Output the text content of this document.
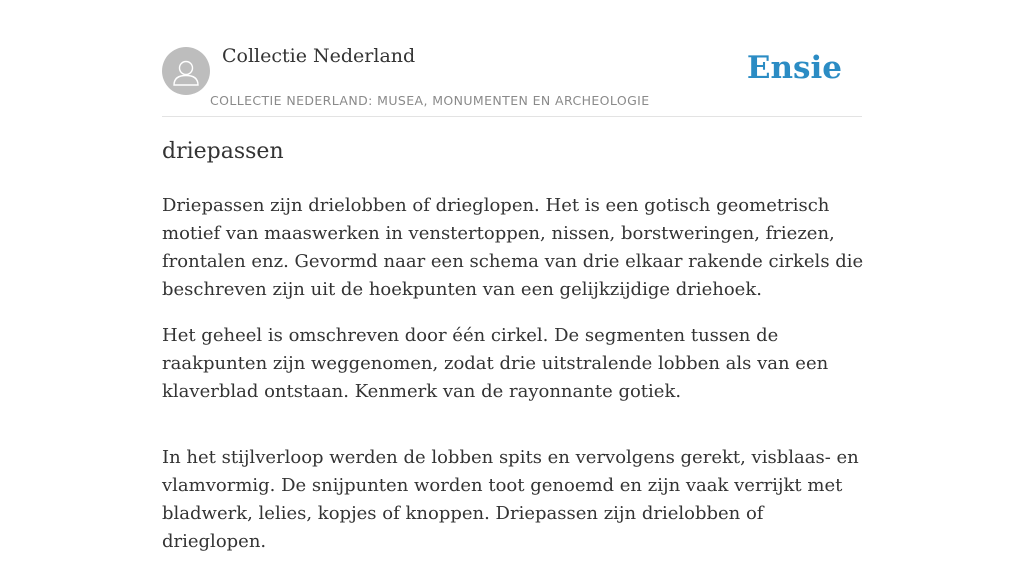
Collectie Nederland
COLLECTIE NEDERLAND: MUSEA, MONUMENTEN EN ARCHEOLOGIE
Ensie
driepassen

Driepassen zijn drielobben of drieglopen. Het is een gotisch geometrisch motief van maaswerken in venstertoppen, nissen, borstweringen, friezen, frontalen enz. Gevormd naar een schema van drie elkaar rakende cirkels die beschreven zijn uit de hoekpunten van een gelijkzijdige driehoek.

Het geheel is omschreven door één cirkel. De segmenten tussen de raakpunten zijn weggenomen, zodat drie uitstralende lobben als van een klaverblad ontstaan. Kenmerk van de rayonnante gotiek.

In het stijlverloop werden de lobben spits en vervolgens gerekt, visblaas- en vlamvormig. De snijpunten worden toot genoemd en zijn vaak verrijkt met bladwerk, lelies, kopjes of knoppen. Driepassen zijn drielobben of drieglopen.
